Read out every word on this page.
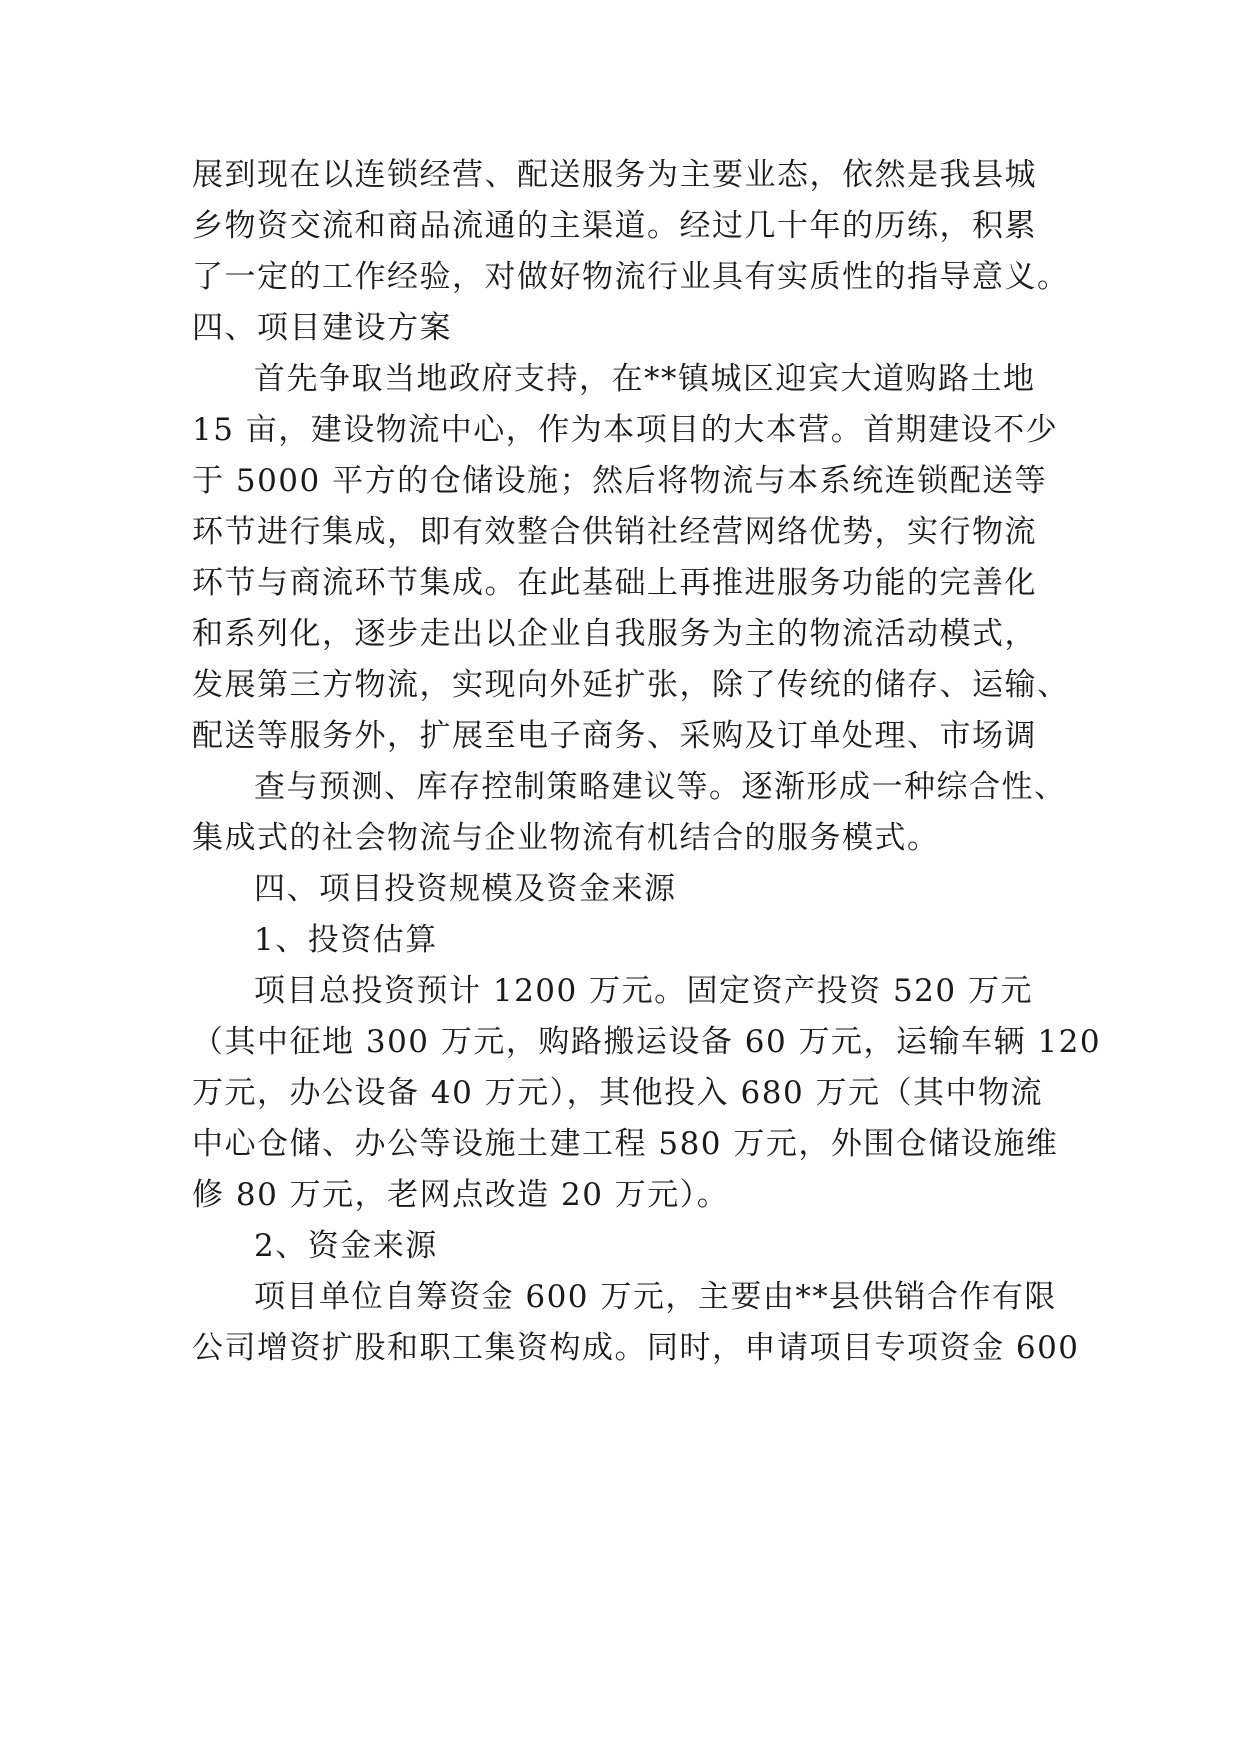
展到现在以连锁经营、配送服务为主要业态，依然是我县城
乡物资交流和商品流通的主渠道。经过几十年的历练，积累
了一定的工作经验，对做好物流行业具有实质性的指导意义。
四、项目建设方案
首先争取当地政府支持，在**镇城区迎宾大道购路土地
15 亩，建设物流中心，作为本项目的大本营。首期建设不少
于 5000 平方的仓储设施；然后将物流与本系统连锁配送等
环节进行集成，即有效整合供销社经营网络优势，实行物流
环节与商流环节集成。在此基础上再推进服务功能的完善化
和系列化，逐步走出以企业自我服务为主的物流活动模式，
发展第三方物流，实现向外延扩张，除了传统的储存、运输、
配送等服务外，扩展至电子商务、采购及订单处理、市场调
查与预测、库存控制策略建议等。逐渐形成一种综合性、
集成式的社会物流与企业物流有机结合的服务模式。
四、项目投资规模及资金来源
1、投资估算
项目总投资预计 1200 万元。固定资产投资 520 万元
（其中征地 300 万元，购路搬运设备 60 万元，运输车辆 120
万元，办公设备 40 万元），其他投入 680 万元（其中物流
中心仓储、办公等设施土建工程 580 万元，外围仓储设施维
修 80 万元，老网点改造 20 万元）。
2、资金来源
项目单位自筹资金 600 万元，主要由**县供销合作有限
公司增资扩股和职工集资构成。同时，申请项目专项资金 600
